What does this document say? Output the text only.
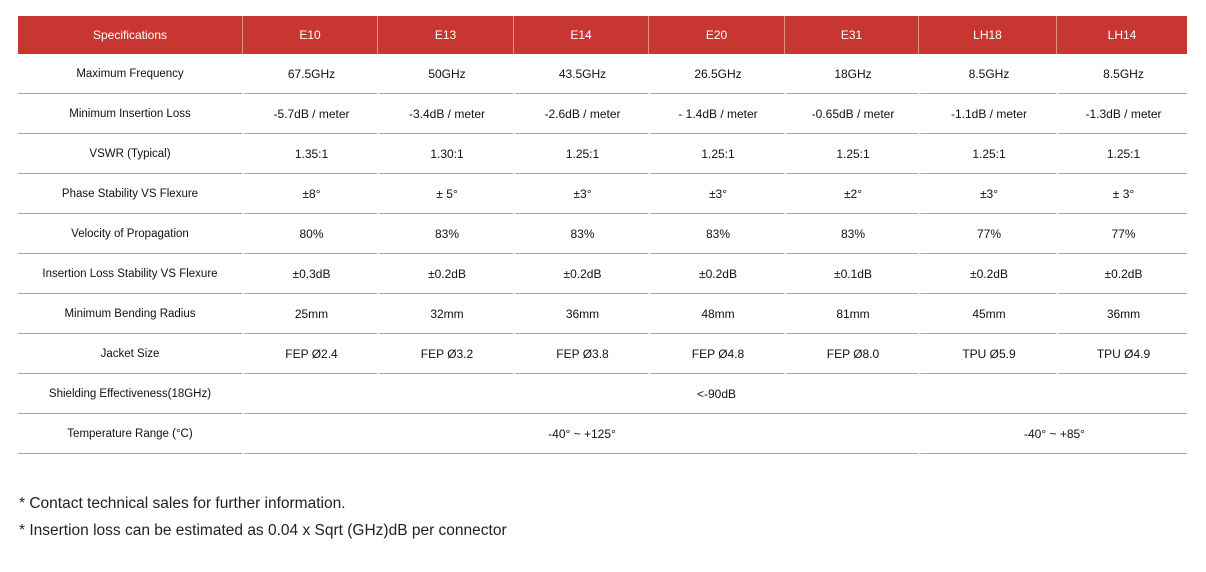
Specifications	E10	E13	E14	E20	E31	LH18	LH14
Maximum Frequency	67.5GHz	50GHz	43.5GHz	26.5GHz	18GHz	8.5GHz	8.5GHz
Minimum Insertion Loss	-5.7dB / meter	-3.4dB / meter	-2.6dB / meter	- 1.4dB / meter	-0.65dB / meter	-1.1dB / meter	-1.3dB / meter
VSWR (Typical)	1.35:1	1.30:1	1.25:1	1.25:1	1.25:1	1.25:1	1.25:1
Phase Stability VS Flexure	±8°	± 5°	±3°	±3°	±2°	±3°	± 3°
Velocity of Propagation	80%	83%	83%	83%	83%	77%	77%
Insertion Loss Stability VS Flexure	±0.3dB	±0.2dB	±0.2dB	±0.2dB	±0.1dB	±0.2dB	±0.2dB
Minimum Bending Radius	25mm	32mm	36mm	48mm	81mm	45mm	36mm
Jacket Size	FEP Ø2.4	FEP Ø3.2	FEP Ø3.8	FEP Ø4.8	FEP Ø8.0	TPU Ø5.9	TPU Ø4.9
Shielding Effectiveness(18GHz)	<-90dB						
Temperature Range (°C)	-40° ~ +125°					-40° ~ +85°	
* Contact technical sales for further information.
* Insertion loss can be estimated as 0.04 x Sqrt (GHz)dB per connector
